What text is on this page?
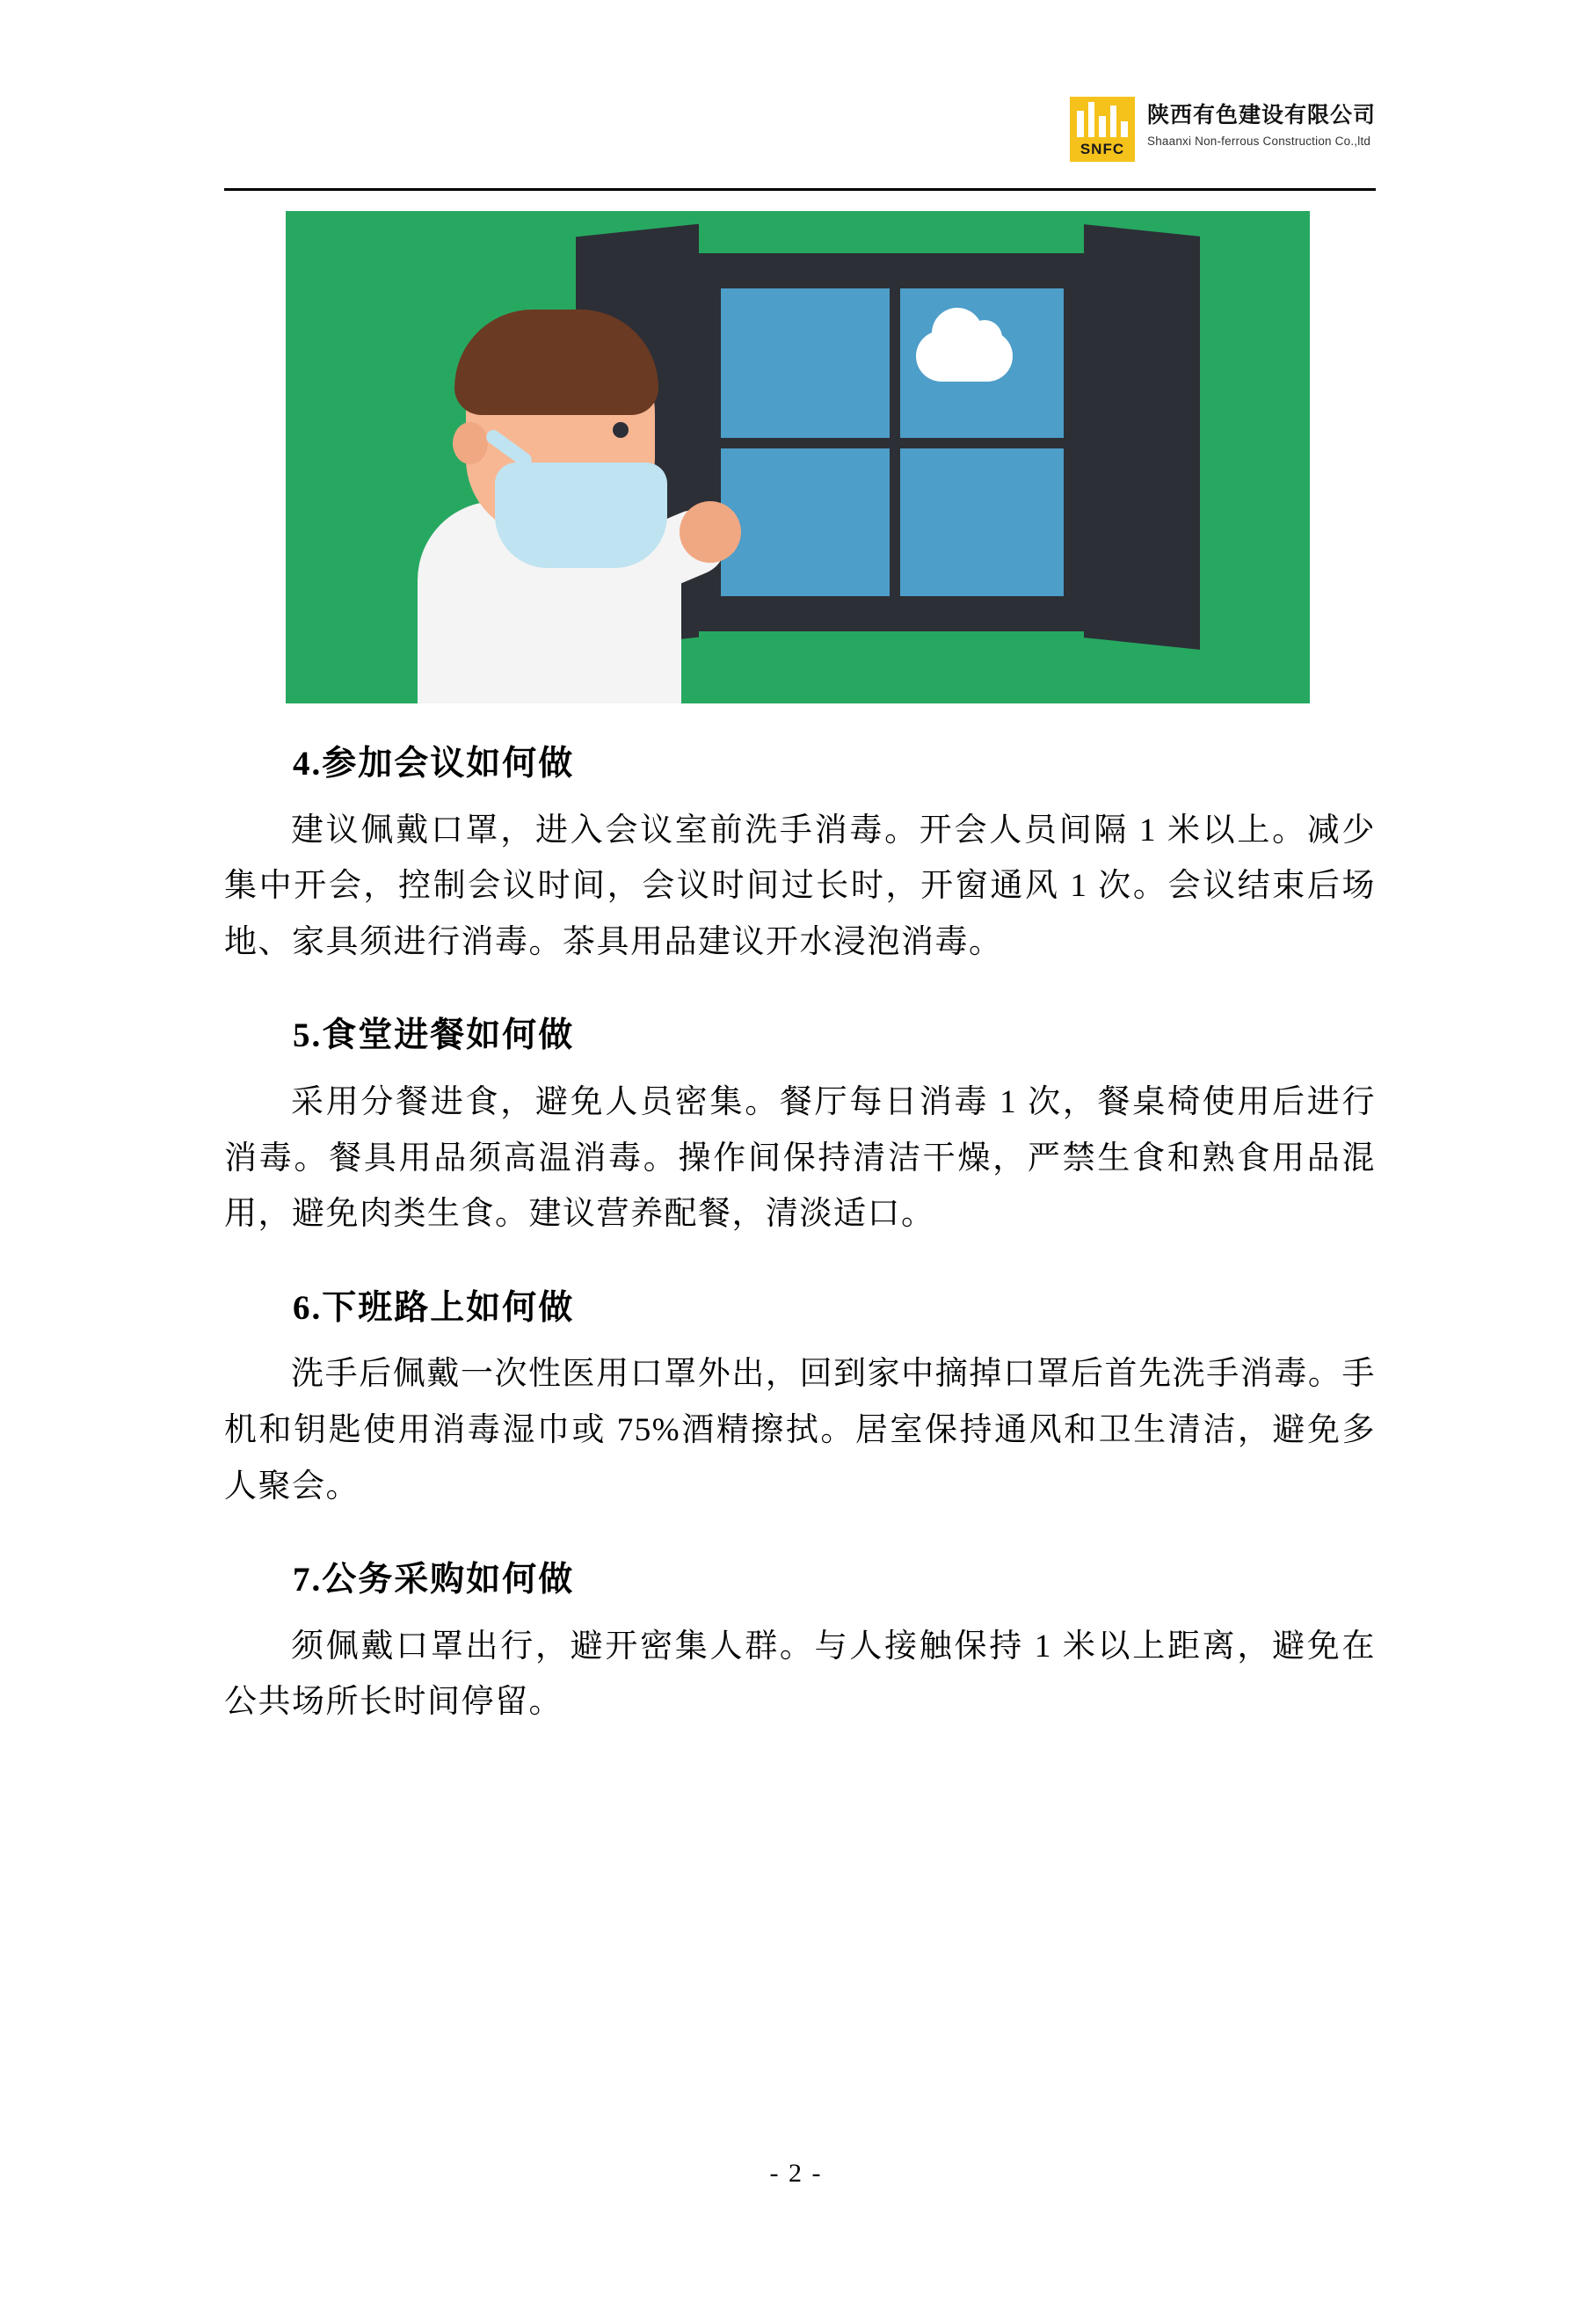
SNFC
陕西有色建设有限公司
Shaanxi Non-ferrous Construction Co.,ltd

4.参加会议如何做

建议佩戴口罩，进入会议室前洗手消毒。开会人员间隔 1 米以上。减少集中开会，控制会议时间，会议时间过长时，开窗通风 1 次。会议结束后场地、家具须进行消毒。茶具用品建议开水浸泡消毒。

5.食堂进餐如何做

采用分餐进食，避免人员密集。餐厅每日消毒 1 次，餐桌椅使用后进行消毒。餐具用品须高温消毒。操作间保持清洁干燥，严禁生食和熟食用品混用，避免肉类生食。建议营养配餐，清淡适口。

6.下班路上如何做

洗手后佩戴一次性医用口罩外出，回到家中摘掉口罩后首先洗手消毒。手机和钥匙使用消毒湿巾或 75%酒精擦拭。居室保持通风和卫生清洁，避免多人聚会。

7.公务采购如何做

须佩戴口罩出行，避开密集人群。与人接触保持 1 米以上距离，避免在公共场所长时间停留。

- 2 -
